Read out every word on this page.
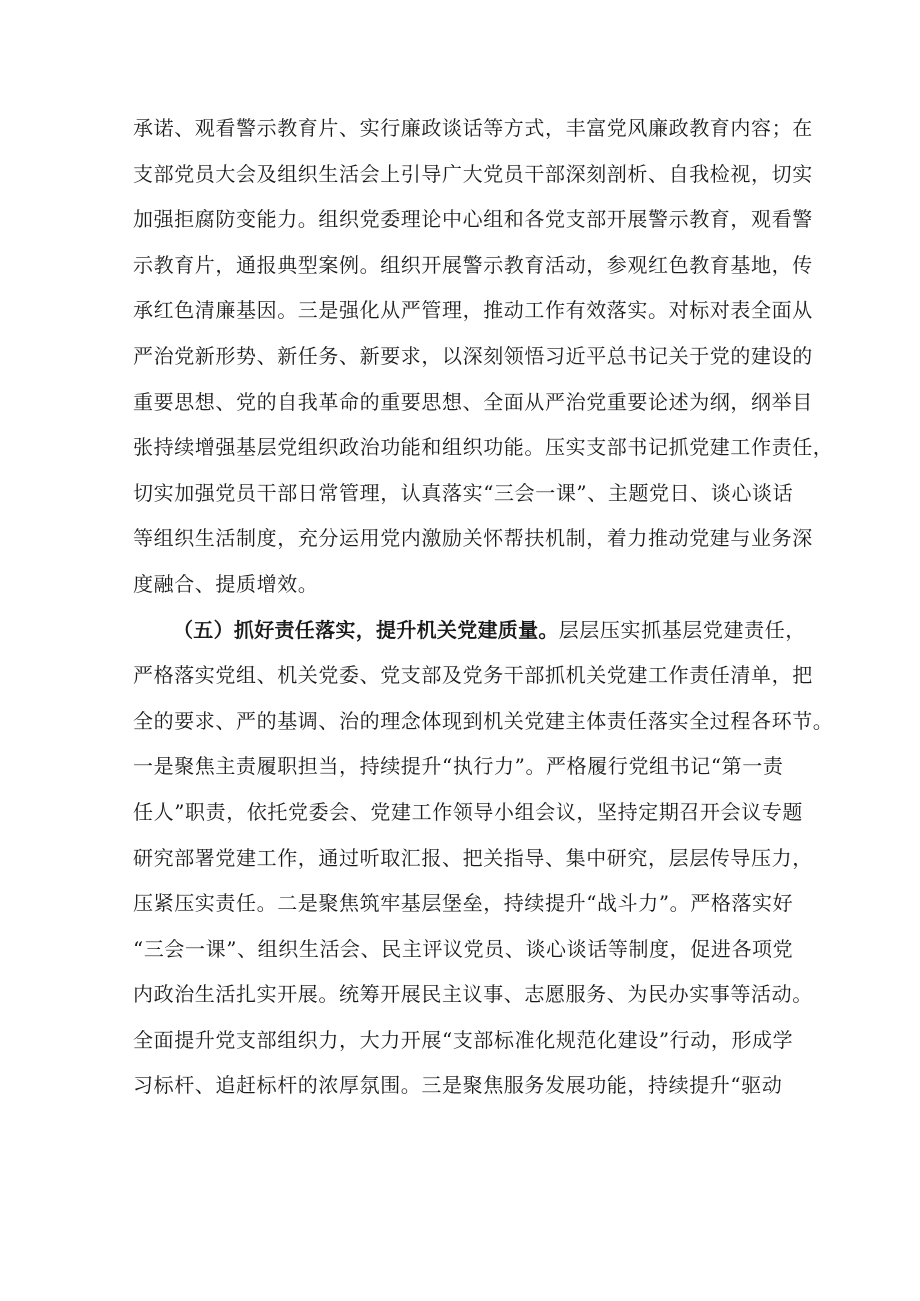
承诺、观看警示教育片、实行廉政谈话等方式，丰富党风廉政教育内容；在
支部党员大会及组织生活会上引导广大党员干部深刻剖析、自我检视，切实
加强拒腐防变能力。组织党委理论中心组和各党支部开展警示教育，观看警
示教育片，通报典型案例。组织开展警示教育活动，参观红色教育基地，传
承红色清廉基因。三是强化从严管理，推动工作有效落实。对标对表全面从
严治党新形势、新任务、新要求，以深刻领悟习近平总书记关于党的建设的
重要思想、党的自我革命的重要思想、全面从严治党重要论述为纲，纲举目
张持续增强基层党组织政治功能和组织功能。压实支部书记抓党建工作责任，
切实加强党员干部日常管理，认真落实“三会一课”、主题党日、谈心谈话
等组织生活制度，充分运用党内激励关怀帮扶机制，着力推动党建与业务深
度融合、提质增效。
（五）抓好责任落实，提升机关党建质量。层层压实抓基层党建责任，
严格落实党组、机关党委、党支部及党务干部抓机关党建工作责任清单，把
全的要求、严的基调、治的理念体现到机关党建主体责任落实全过程各环节。
一是聚焦主责履职担当，持续提升“执行力”。严格履行党组书记“第一责
任人”职责，依托党委会、党建工作领导小组会议，坚持定期召开会议专题
研究部署党建工作，通过听取汇报、把关指导、集中研究，层层传导压力，
压紧压实责任。二是聚焦筑牢基层堡垒，持续提升“战斗力”。严格落实好
“三会一课”、组织生活会、民主评议党员、谈心谈话等制度，促进各项党
内政治生活扎实开展。统筹开展民主议事、志愿服务、为民办实事等活动。
全面提升党支部组织力，大力开展“支部标准化规范化建设”行动，形成学
习标杆、追赶标杆的浓厚氛围。三是聚焦服务发展功能，持续提升“驱动
